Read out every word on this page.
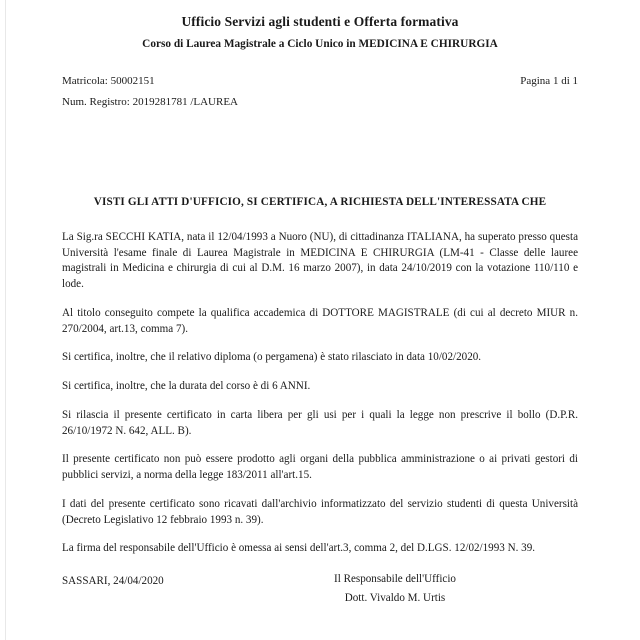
Ufficio Servizi agli studenti e Offerta formativa
Corso di Laurea Magistrale a Ciclo Unico in MEDICINA E CHIRURGIA
Matricola: 50002151	Pagina 1 di 1
Num. Registro: 2019281781 /LAUREA
VISTI GLI ATTI D'UFFICIO, SI CERTIFICA, A RICHIESTA DELL'INTERESSATA CHE

La Sig.ra SECCHI KATIA, nata il 12/04/1993 a Nuoro (NU), di cittadinanza ITALIANA, ha superato presso questa Università l'esame finale di Laurea Magistrale in MEDICINA E CHIRURGIA (LM-41 - Classe delle lauree magistrali in Medicina e chirurgia di cui al D.M. 16 marzo 2007), in data 24/10/2019 con la votazione 110/110 e lode.

Al titolo conseguito compete la qualifica accademica di DOTTORE MAGISTRALE (di cui al decreto MIUR n. 270/2004, art.13, comma 7).

Si certifica, inoltre, che il relativo diploma (o pergamena) è stato rilasciato in data 10/02/2020.

Si certifica, inoltre, che la durata del corso è di 6 ANNI.

Si rilascia il presente certificato in carta libera per gli usi per i quali la legge non prescrive il bollo (D.P.R. 26/10/1972 N. 642, ALL. B).

Il presente certificato non può essere prodotto agli organi della pubblica amministrazione o ai privati gestori di pubblici servizi, a norma della legge 183/2011 all'art.15.

I dati del presente certificato sono ricavati dall'archivio informatizzato del servizio studenti di questa Università (Decreto Legislativo 12 febbraio 1993 n. 39).

La firma del responsabile dell'Ufficio è omessa ai sensi dell'art.3, comma 2, del D.LGS. 12/02/1993 N. 39.

SASSARI, 24/04/2020	Il Responsabile dell'Ufficio
Dott. Vivaldo M. Urtis
